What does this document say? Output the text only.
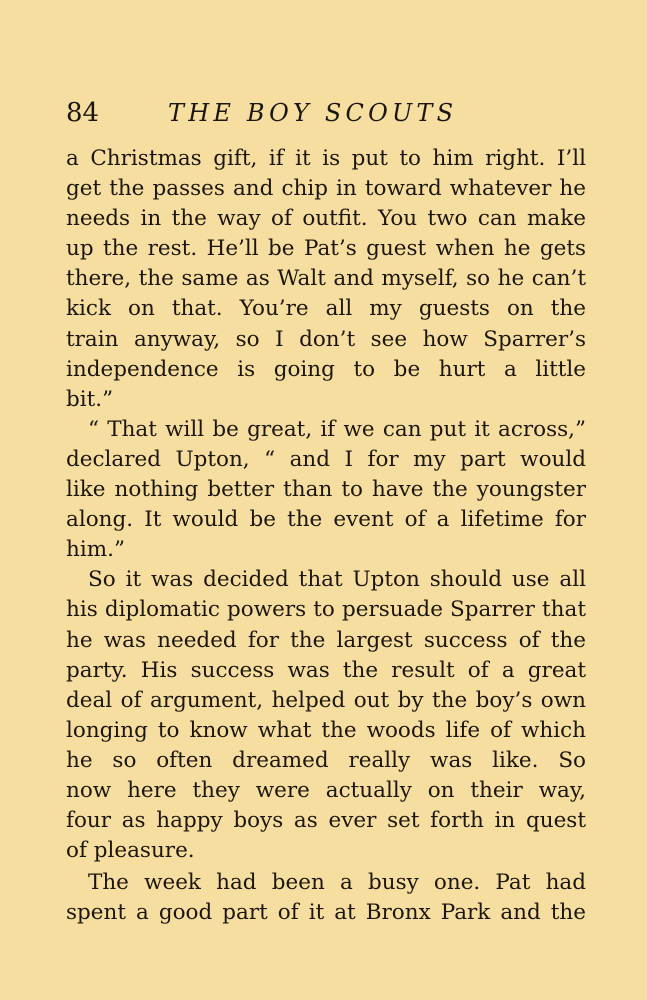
84	THE BOY SCOUTS
a Christmas gift, if it is put to him right. I’ll
get the passes and chip in toward whatever he
needs in the way of outfit. You two can make
up the rest. He’ll be Pat’s guest when he gets
there, the same as Walt and myself, so he can’t
kick on that. You’re all my guests on the
train anyway, so I don’t see how Sparrer’s
independence is going to be hurt a little
bit.”
“ That will be great, if we can put it across,”
declared Upton, “ and I for my part would
like nothing better than to have the youngster
along. It would be the event of a lifetime for
him.”
So it was decided that Upton should use all
his diplomatic powers to persuade Sparrer that
he was needed for the largest success of the
party. His success was the result of a great
deal of argument, helped out by the boy’s own
longing to know what the woods life of which
he so often dreamed really was like. So
now here they were actually on their way,
four as happy boys as ever set forth in quest
of pleasure.
The week had been a busy one. Pat had
spent a good part of it at Bronx Park and the
